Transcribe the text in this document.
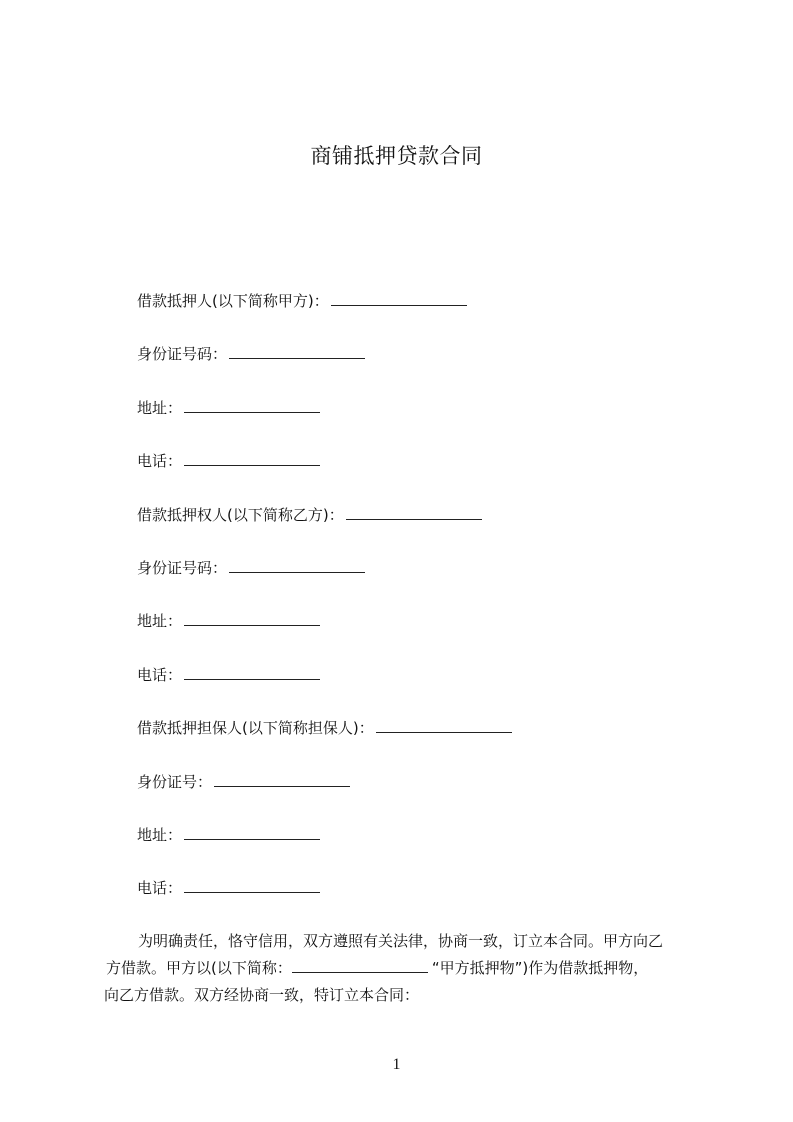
商铺抵押贷款合同
借款抵押人(以下简称甲方)：
身份证号码：
地址：
电话：
借款抵押权人(以下简称乙方)：
身份证号码：
地址：
电话：
借款抵押担保人(以下简称担保人)：
身份证号：
地址：
电话：
为明确责任，恪守信用，双方遵照有关法律，协商一致，订立本合同。甲方向乙
方借款。甲方以(以下简称：	“甲方抵押物”)作为借款抵押物，
向乙方借款。双方经协商一致，特订立本合同：
1
